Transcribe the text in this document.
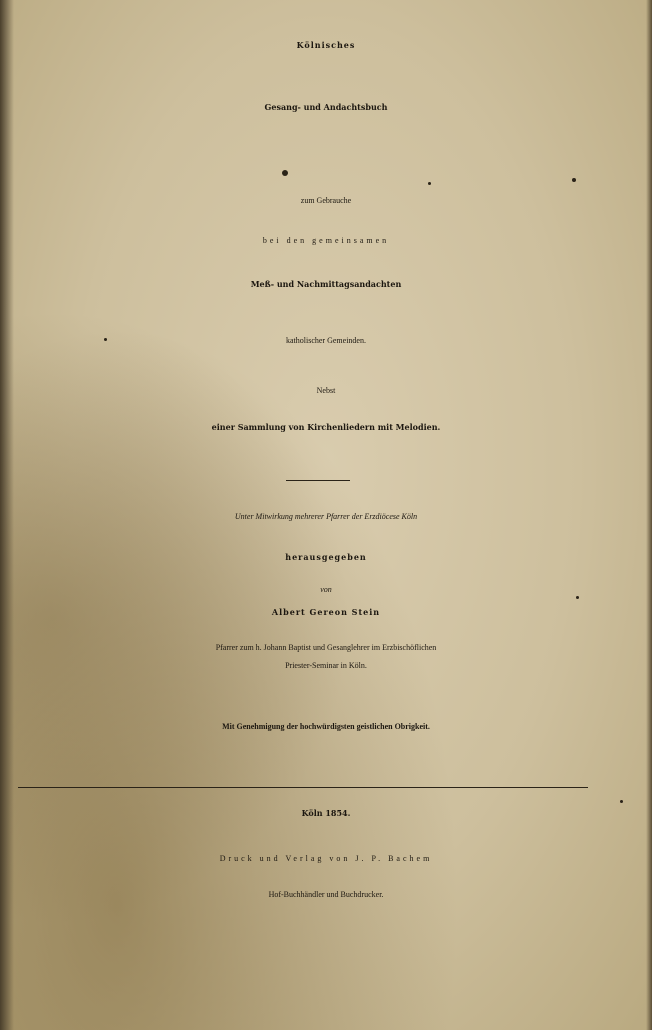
Kölnisches
Gesang- und Andachtsbuch
zum Gebrauche
bei den gemeinsamen
Meß- und Nachmittagsandachten
katholischer Gemeinden.
Nebst
einer Sammlung von Kirchenliedern mit Melodien.
Unter Mitwirkung mehrerer Pfarrer der Erzdiöcese Köln
herausgegeben
von
Albert Gereon Stein
Pfarrer zum h. Johann Baptist und Gesanglehrer im Erzbischöflichen
Priester-Seminar in Köln.
Mit Genehmigung der hochwürdigsten geistlichen Obrigkeit.
Köln 1854.
Druck und Verlag von J. P. Bachem
Hof-Buchhändler und Buchdrucker.
